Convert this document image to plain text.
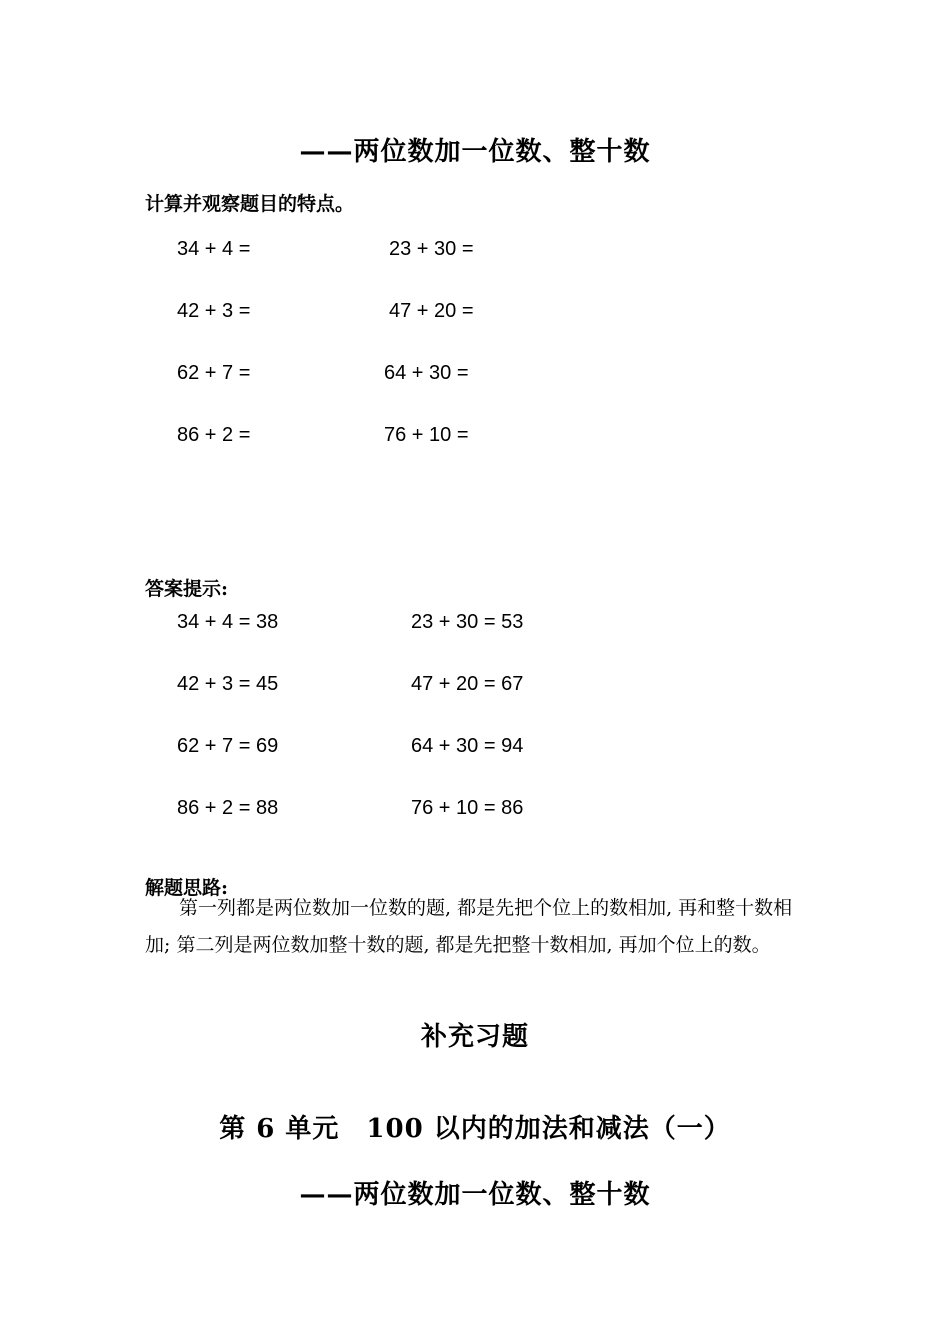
——两位数加一位数、整十数
计算并观察题目的特点。
34 + 4 =	23 + 30 =
42 + 3 =	47 + 20 =
62 + 7 =	64 + 30 =
86 + 2 =	76 + 10 =
答案提示:
34 + 4 = 38	23 + 30 = 53
42 + 3 = 45	47 + 20 = 67
62 + 7 = 69	64 + 30 = 94
86 + 2 = 88	76 + 10 = 86
解题思路:
第一列都是两位数加一位数的题, 都是先把个位上的数相加, 再和整十数相加; 第二列是两位数加整十数的题, 都是先把整十数相加, 再加个位上的数。
补充习题
第 6 单元　100 以内的加法和减法（一）
——两位数加一位数、整十数
